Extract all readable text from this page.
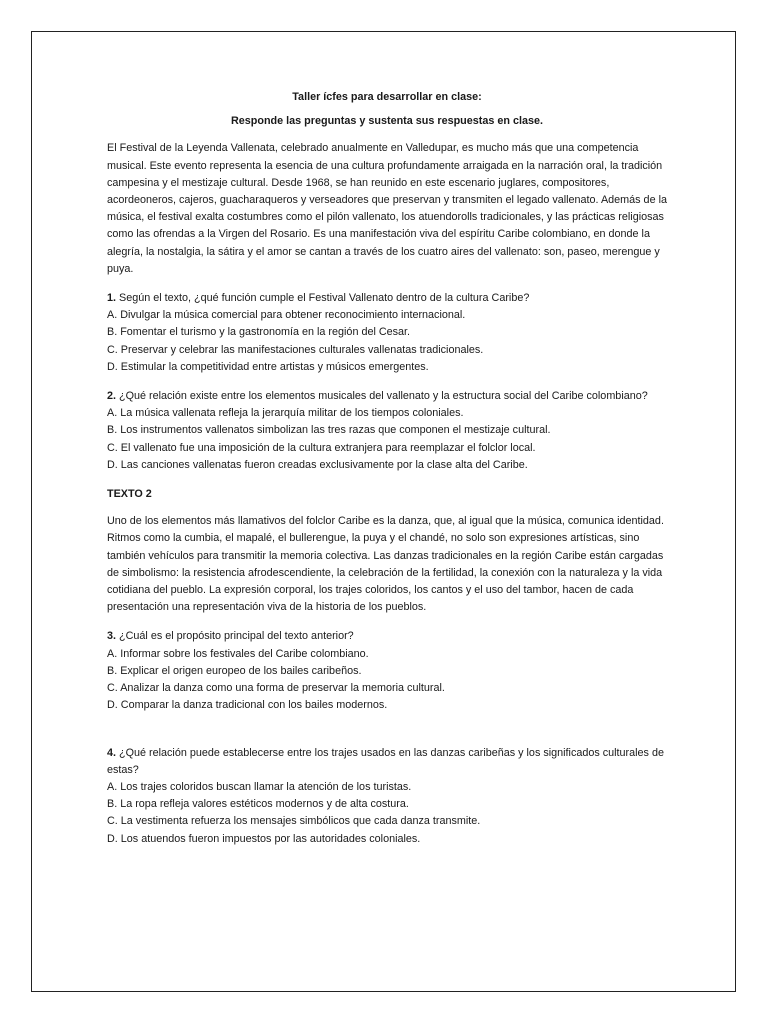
Taller ícfes para desarrollar en clase:

Responde las preguntas y sustenta sus respuestas en clase.

El Festival de la Leyenda Vallenata, celebrado anualmente en Valledupar, es mucho más que una competencia musical. Este evento representa la esencia de una cultura profundamente arraigada en la narración oral, la tradición campesina y el mestizaje cultural. Desde 1968, se han reunido en este escenario juglares, compositores, acordeoneros, cajeros, guacharaqueros y verseadores que preservan y transmiten el legado vallenato. Además de la música, el festival exalta costumbres como el pilón vallenato, los atuendorolls tradicionales, y las prácticas religiosas como las ofrendas a la Virgen del Rosario. Es una manifestación viva del espíritu Caribe colombiano, en donde la alegría, la nostalgia, la sátira y el amor se cantan a través de los cuatro aires del vallenato: son, paseo, merengue y puya.

1. Según el texto, ¿qué función cumple el Festival Vallenato dentro de la cultura Caribe?

A. Divulgar la música comercial para obtener reconocimiento internacional.

B. Fomentar el turismo y la gastronomía en la región del Cesar.

C. Preservar y celebrar las manifestaciones culturales vallenatas tradicionales.

D. Estimular la competitividad entre artistas y músicos emergentes.

2. ¿Qué relación existe entre los elementos musicales del vallenato y la estructura social del Caribe colombiano?

A. La música vallenata refleja la jerarquía militar de los tiempos coloniales.

B. Los instrumentos vallenatos simbolizan las tres razas que componen el mestizaje cultural.

C. El vallenato fue una imposición de la cultura extranjera para reemplazar el folclor local.

D. Las canciones vallenatas fueron creadas exclusivamente por la clase alta del Caribe.

TEXTO 2

Uno de los elementos más llamativos del folclor Caribe es la danza, que, al igual que la música, comunica identidad. Ritmos como la cumbia, el mapalé, el bullerengue, la puya y el chandé, no solo son expresiones artísticas, sino también vehículos para transmitir la memoria colectiva. Las danzas tradicionales en la región Caribe están cargadas de simbolismo: la resistencia afrodescendiente, la celebración de la fertilidad, la conexión con la naturaleza y la vida cotidiana del pueblo. La expresión corporal, los trajes coloridos, los cantos y el uso del tambor, hacen de cada presentación una representación viva de la historia de los pueblos.

3. ¿Cuál es el propósito principal del texto anterior?

A. Informar sobre los festivales del Caribe colombiano.

B. Explicar el origen europeo de los bailes caribeños.

C. Analizar la danza como una forma de preservar la memoria cultural.

D. Comparar la danza tradicional con los bailes modernos.

4. ¿Qué relación puede establecerse entre los trajes usados en las danzas caribeñas y los significados culturales de estas?

A. Los trajes coloridos buscan llamar la atención de los turistas.

B. La ropa refleja valores estéticos modernos y de alta costura.

C. La vestimenta refuerza los mensajes simbólicos que cada danza transmite.

D. Los atuendos fueron impuestos por las autoridades coloniales.
